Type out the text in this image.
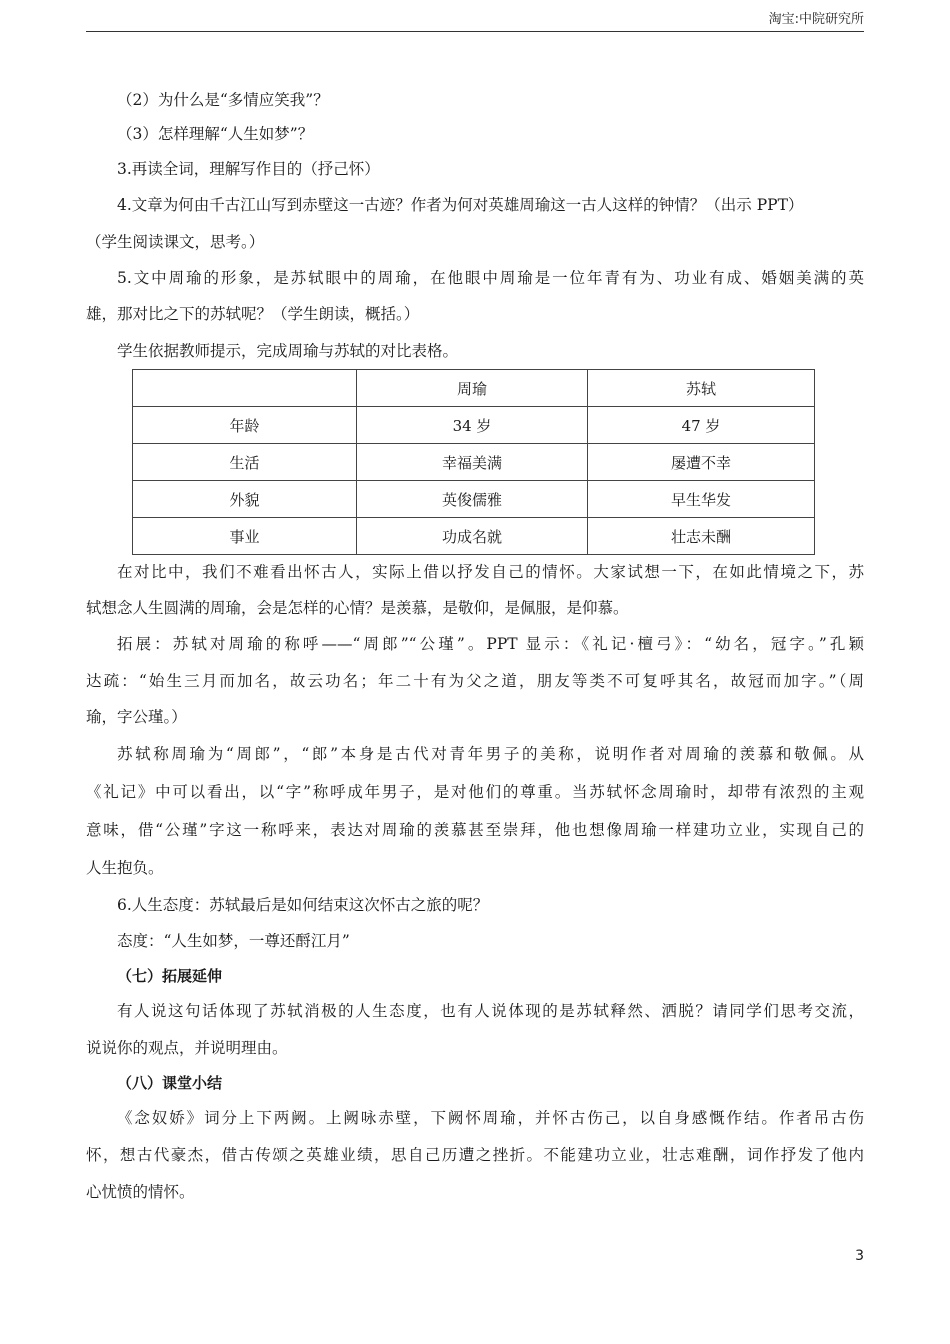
淘宝:中院研究所
（2）为什么是“多情应笑我”？
（3）怎样理解“人生如梦”？
3.再读全词，理解写作目的（抒己怀）
4.文章为何由千古江山写到赤壁这一古迹？作者为何对英雄周瑜这一古人这样的钟情？（出示 PPT）
（学生阅读课文，思考。）
5.文中周瑜的形象，是苏轼眼中的周瑜，在他眼中周瑜是一位年青有为、功业有成、婚姻美满的英
雄，那对比之下的苏轼呢？（学生朗读，概括。）
学生依据教师提示，完成周瑜与苏轼的对比表格。
	周瑜	苏轼
年龄	34 岁	47 岁
生活	幸福美满	屡遭不幸
外貌	英俊儒雅	早生华发
事业	功成名就	壮志未酬
在对比中，我们不难看出怀古人，实际上借以抒发自己的情怀。大家试想一下，在如此情境之下，苏
轼想念人生圆满的周瑜，会是怎样的心情？是羡慕，是敬仰，是佩服，是仰慕。
拓展：苏轼对周瑜的称呼——“周郎”“公瑾”。PPT 显示：《礼记·檀弓》：“幼名，冠字。”孔颖
达疏：“始生三月而加名，故云功名；年二十有为父之道，朋友等类不可复呼其名，故冠而加字。”（周
瑜，字公瑾。）
苏轼称周瑜为“周郎”，“郎”本身是古代对青年男子的美称，说明作者对周瑜的羡慕和敬佩。从
《礼记》中可以看出，以“字”称呼成年男子，是对他们的尊重。当苏轼怀念周瑜时，却带有浓烈的主观
意味，借“公瑾”字这一称呼来，表达对周瑜的羡慕甚至崇拜，他也想像周瑜一样建功立业，实现自己的
人生抱负。
6.人生态度：苏轼最后是如何结束这次怀古之旅的呢？
态度：“人生如梦，一尊还酹江月”
（七）拓展延伸
有人说这句话体现了苏轼消极的人生态度，也有人说体现的是苏轼释然、洒脱？请同学们思考交流，
说说你的观点，并说明理由。
（八）课堂小结
《念奴娇》词分上下两阙。上阙咏赤壁，下阙怀周瑜，并怀古伤己，以自身感慨作结。作者吊古伤
怀，想古代豪杰，借古传颂之英雄业绩，思自己历遭之挫折。不能建功立业，壮志难酬，词作抒发了他内
心忧愤的情怀。
3
